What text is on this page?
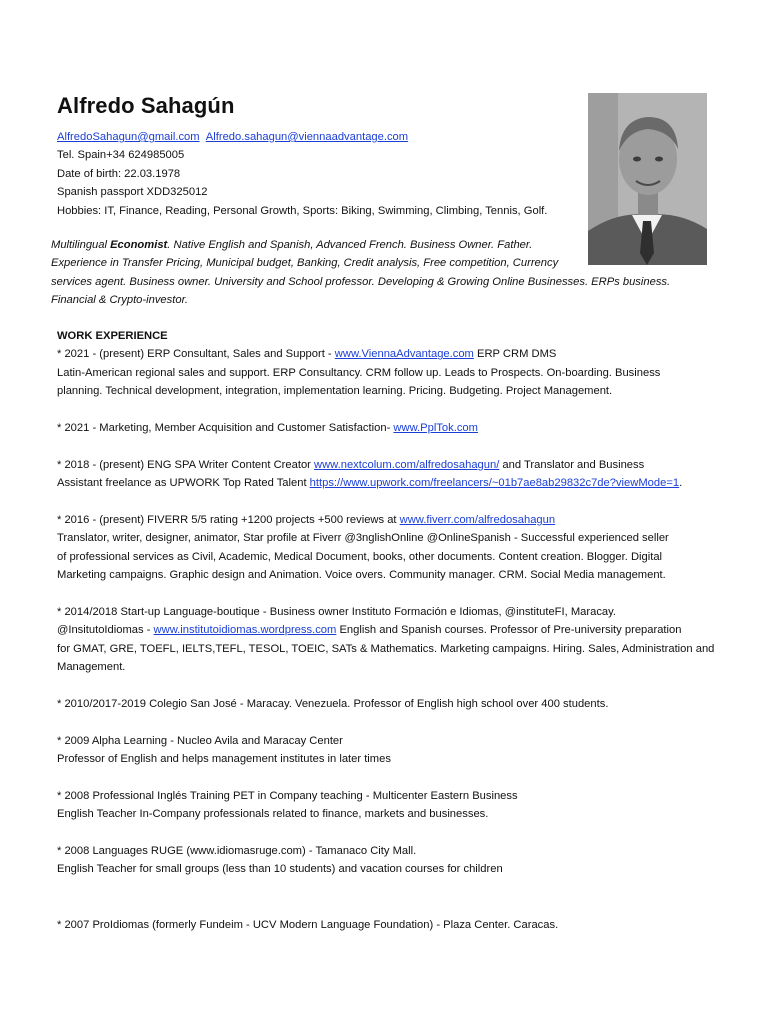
Alfredo Sahagún
AlfredoSahagun@gmail.com Alfredo.sahagun@viennaadvantage.com
Tel. Spain+34 624985005
Date of birth: 22.03.1978
Spanish passport XDD325012
Hobbies: IT, Finance, Reading, Personal Growth, Sports: Biking, Swimming, Climbing, Tennis, Golf.
Multilingual Economist. Native English and Spanish, Advanced French. Business Owner. Father.
Experience in Transfer Pricing, Municipal budget, Banking, Credit analysis, Free competition, Currency
services agent. Business owner. University and School professor. Developing & Growing Online Businesses. ERPs business.
Financial & Crypto-investor.
WORK EXPERIENCE
* 2021 - (present) ERP Consultant, Sales and Support - www.ViennaAdvantage.com ERP CRM DMS
Latin-American regional sales and support. ERP Consultancy. CRM follow up. Leads to Prospects. On-boarding. Business
planning. Technical development, integration, implementation learning. Pricing. Budgeting. Project Management.
* 2021 - Marketing, Member Acquisition and Customer Satisfaction- www.PplTok.com
* 2018 - (present) ENG SPA Writer Content Creator www.nextcolum.com/alfredosahagun/ and Translator and Business
Assistant freelance as UPWORK Top Rated Talent https://www.upwork.com/freelancers/~01b7ae8ab29832c7de?viewMode=1.
* 2016 - (present) FIVERR 5/5 rating +1200 projects +500 reviews at www.fiverr.com/alfredosahagun
Translator, writer, designer, animator, Star profile at Fiverr @3nglishOnline @OnlineSpanish - Successful experienced seller
of professional services as Civil, Academic, Medical Document, books, other documents. Content creation. Blogger. Digital
Marketing campaigns. Graphic design and Animation. Voice overs. Community manager. CRM. Social Media management.
* 2014/2018 Start-up Language-boutique - Business owner Instituto Formación e Idiomas, @instituteFI, Maracay.
@InsitutoIdiomas - www.institutoidiomas.wordpress.com English and Spanish courses. Professor of Pre-university preparation
for GMAT, GRE, TOEFL, IELTS,TEFL, TESOL, TOEIC, SATs & Mathematics. Marketing campaigns. Hiring. Sales, Administration and
Management.
* 2010/2017-2019 Colegio San José - Maracay. Venezuela. Professor of English high school over 400 students.
* 2009 Alpha Learning - Nucleo Avila and Maracay Center
Professor of English and helps management institutes in later times
* 2008 Professional Inglés Training PET in Company teaching - Multicenter Eastern Business
English Teacher In-Company professionals related to finance, markets and businesses.
* 2008 Languages RUGE (www.idiomasruge.com) - Tamanaco City Mall.
English Teacher for small groups (less than 10 students) and vacation courses for children
* 2007 ProIdiomas (formerly Fundeim - UCV Modern Language Foundation) - Plaza Center. Caracas.
